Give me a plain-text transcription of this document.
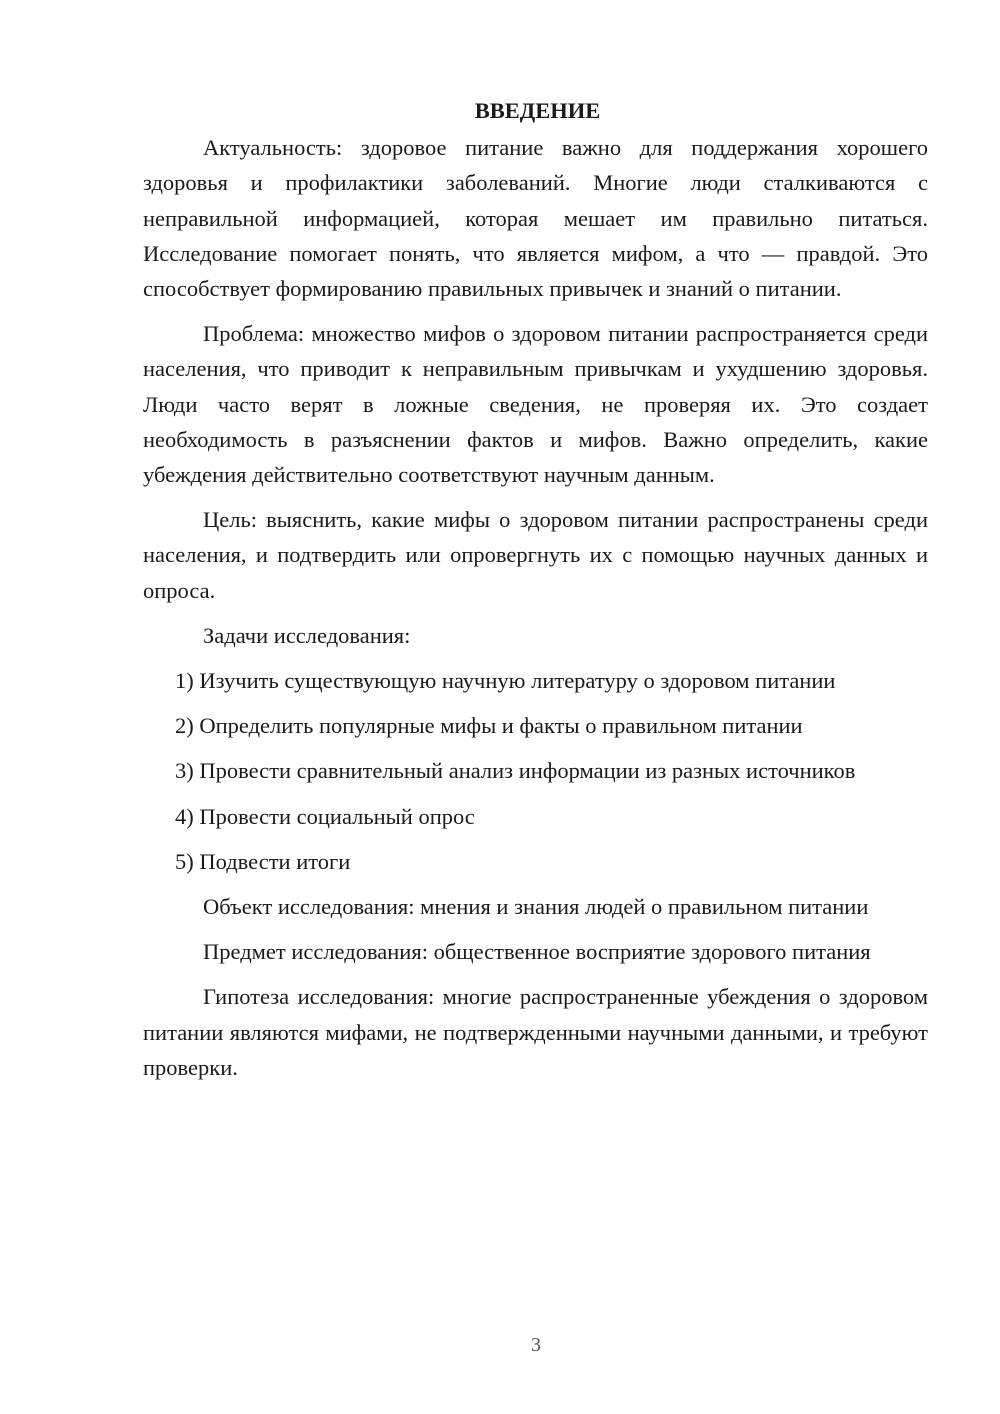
ВВЕДЕНИЕ

Актуальность: здоровое питание важно для поддержания хорошего здоровья и профилактики заболеваний. Многие люди сталкиваются с неправильной информацией, которая мешает им правильно питаться. Исследование помогает понять, что является мифом, а что — правдой. Это способствует формированию правильных привычек и знаний о питании.

Проблема: множество мифов о здоровом питании распространяется среди населения, что приводит к неправильным привычкам и ухудшению здоровья. Люди часто верят в ложные сведения, не проверяя их. Это создает необходимость в разъяснении фактов и мифов. Важно определить, какие убеждения действительно соответствуют научным данным.

Цель: выяснить, какие мифы о здоровом питании распространены среди населения, и подтвердить или опровергнуть их с помощью научных данных и опроса.

Задачи исследования:

1) Изучить существующую научную литературу о здоровом питании

2) Определить популярные мифы и факты о правильном питании

3) Провести сравнительный анализ информации из разных источников

4) Провести социальный опрос

5) Подвести итоги

Объект исследования: мнения и знания людей о правильном питании

Предмет исследования: общественное восприятие здорового питания

Гипотеза исследования: многие распространенные убеждения о здоровом питании являются мифами, не подтвержденными научными данными, и требуют проверки.

3
